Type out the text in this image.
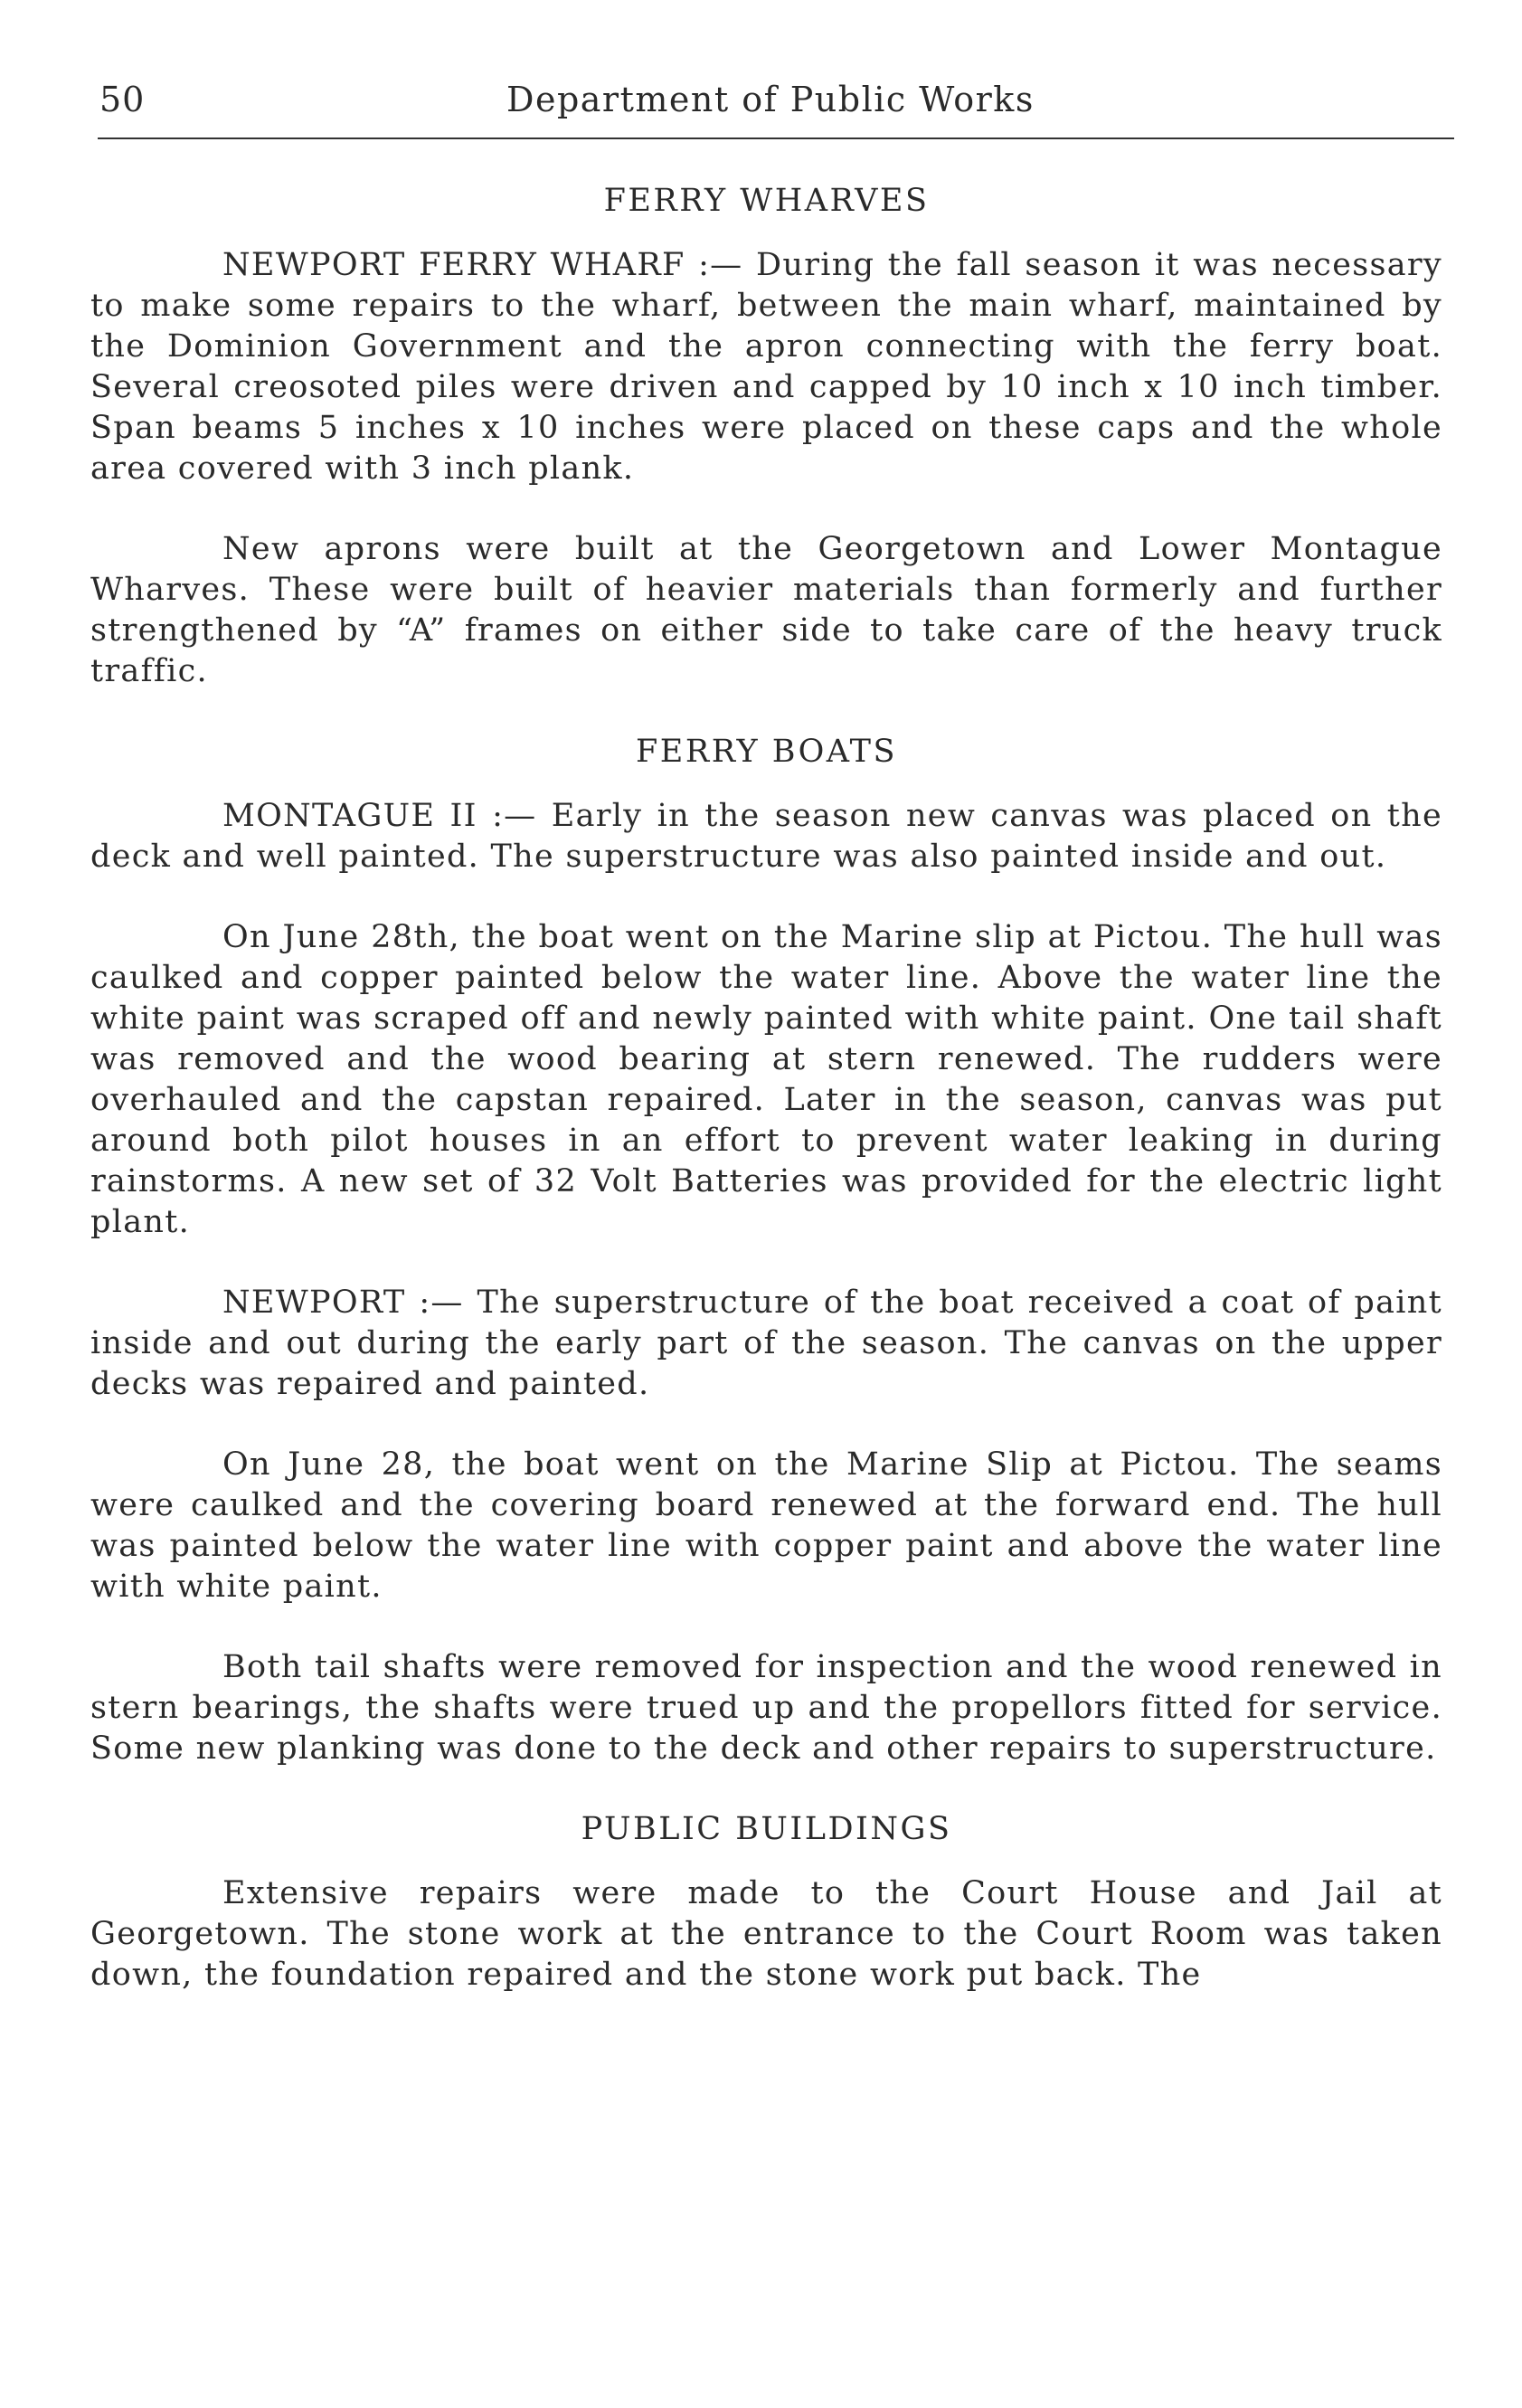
50	Department of Public Works
FERRY WHARVES

NEWPORT FERRY WHARF :— During the fall season it was necessary to make some repairs to the wharf, between the main wharf, maintained by the Dominion Government and the apron connecting with the ferry boat. Several creosoted piles were driven and capped by 10 inch x 10 inch timber. Span beams 5 inches x 10 inches were placed on these caps and the whole area covered with 3 inch plank.

New aprons were built at the Georgetown and Lower Montague Wharves. These were built of heavier materials than formerly and further strengthened by “A” frames on either side to take care of the heavy truck traffic.

FERRY BOATS

MONTAGUE II :— Early in the season new canvas was placed on the deck and well painted. The superstructure was also painted inside and out.

On June 28th, the boat went on the Marine slip at Pictou. The hull was caulked and copper painted below the water line. Above the water line the white paint was scraped off and newly painted with white paint. One tail shaft was removed and the wood bearing at stern renewed. The rudders were overhauled and the capstan repaired. Later in the season, canvas was put around both pilot houses in an effort to prevent water leaking in during rainstorms. A new set of 32 Volt Batteries was provided for the electric light plant.

NEWPORT :— The superstructure of the boat received a coat of paint inside and out during the early part of the season. The canvas on the upper decks was repaired and painted.

On June 28, the boat went on the Marine Slip at Pictou. The seams were caulked and the covering board renewed at the forward end. The hull was painted below the water line with copper paint and above the water line with white paint.

Both tail shafts were removed for inspection and the wood renewed in stern bearings, the shafts were trued up and the propellors fitted for service. Some new planking was done to the deck and other repairs to superstructure.

PUBLIC BUILDINGS

Extensive repairs were made to the Court House and Jail at Georgetown. The stone work at the entrance to the Court Room was taken down, the foundation repaired and the stone work put back. The
